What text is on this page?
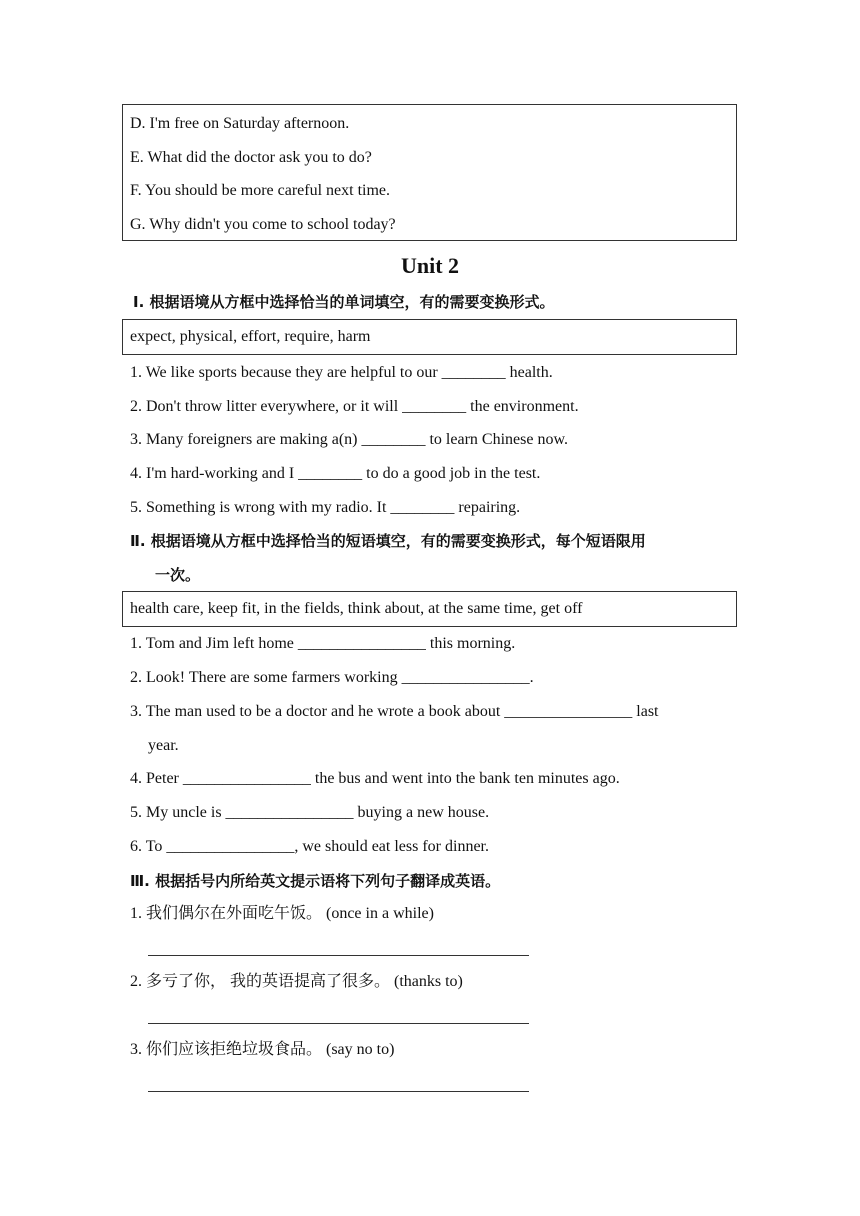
D. I'm free on Saturday afternoon.
E. What did the doctor ask you to do?
F. You should be more careful next time.
G. Why didn't you come to school today?
Unit 2
Ⅰ. 根据语境从方框中选择恰当的单词填空，有的需要变换形式。
expect, physical, effort, require, harm
1. We like sports because they are helpful to our ________ health.
2. Don't throw litter everywhere, or it will ________ the environment.
3. Many foreigners are making a(n) ________ to learn Chinese now.
4. I'm hard-working and I ________ to do a good job in the test.
5. Something is wrong with my radio. It ________ repairing.
Ⅱ. 根据语境从方框中选择恰当的短语填空，有的需要变换形式，每个短语限用
一次。
health care, keep fit, in the fields, think about, at the same time, get off
1. Tom and Jim left home ________________ this morning.
2. Look! There are some farmers working ________________.
3. The man used to be a doctor and he wrote a book about ________________ last
year.
4. Peter ________________ the bus and went into the bank ten minutes ago.
5. My uncle is ________________ buying a new house.
6. To ________________, we should eat less for dinner.
Ⅲ. 根据括号内所给英文提示语将下列句子翻译成英语。
1. 我们偶尔在外面吃午饭。 (once in a while)
2. 多亏了你， 我的英语提高了很多。 (thanks to)
3. 你们应该拒绝垃圾食品。 (say no to)
